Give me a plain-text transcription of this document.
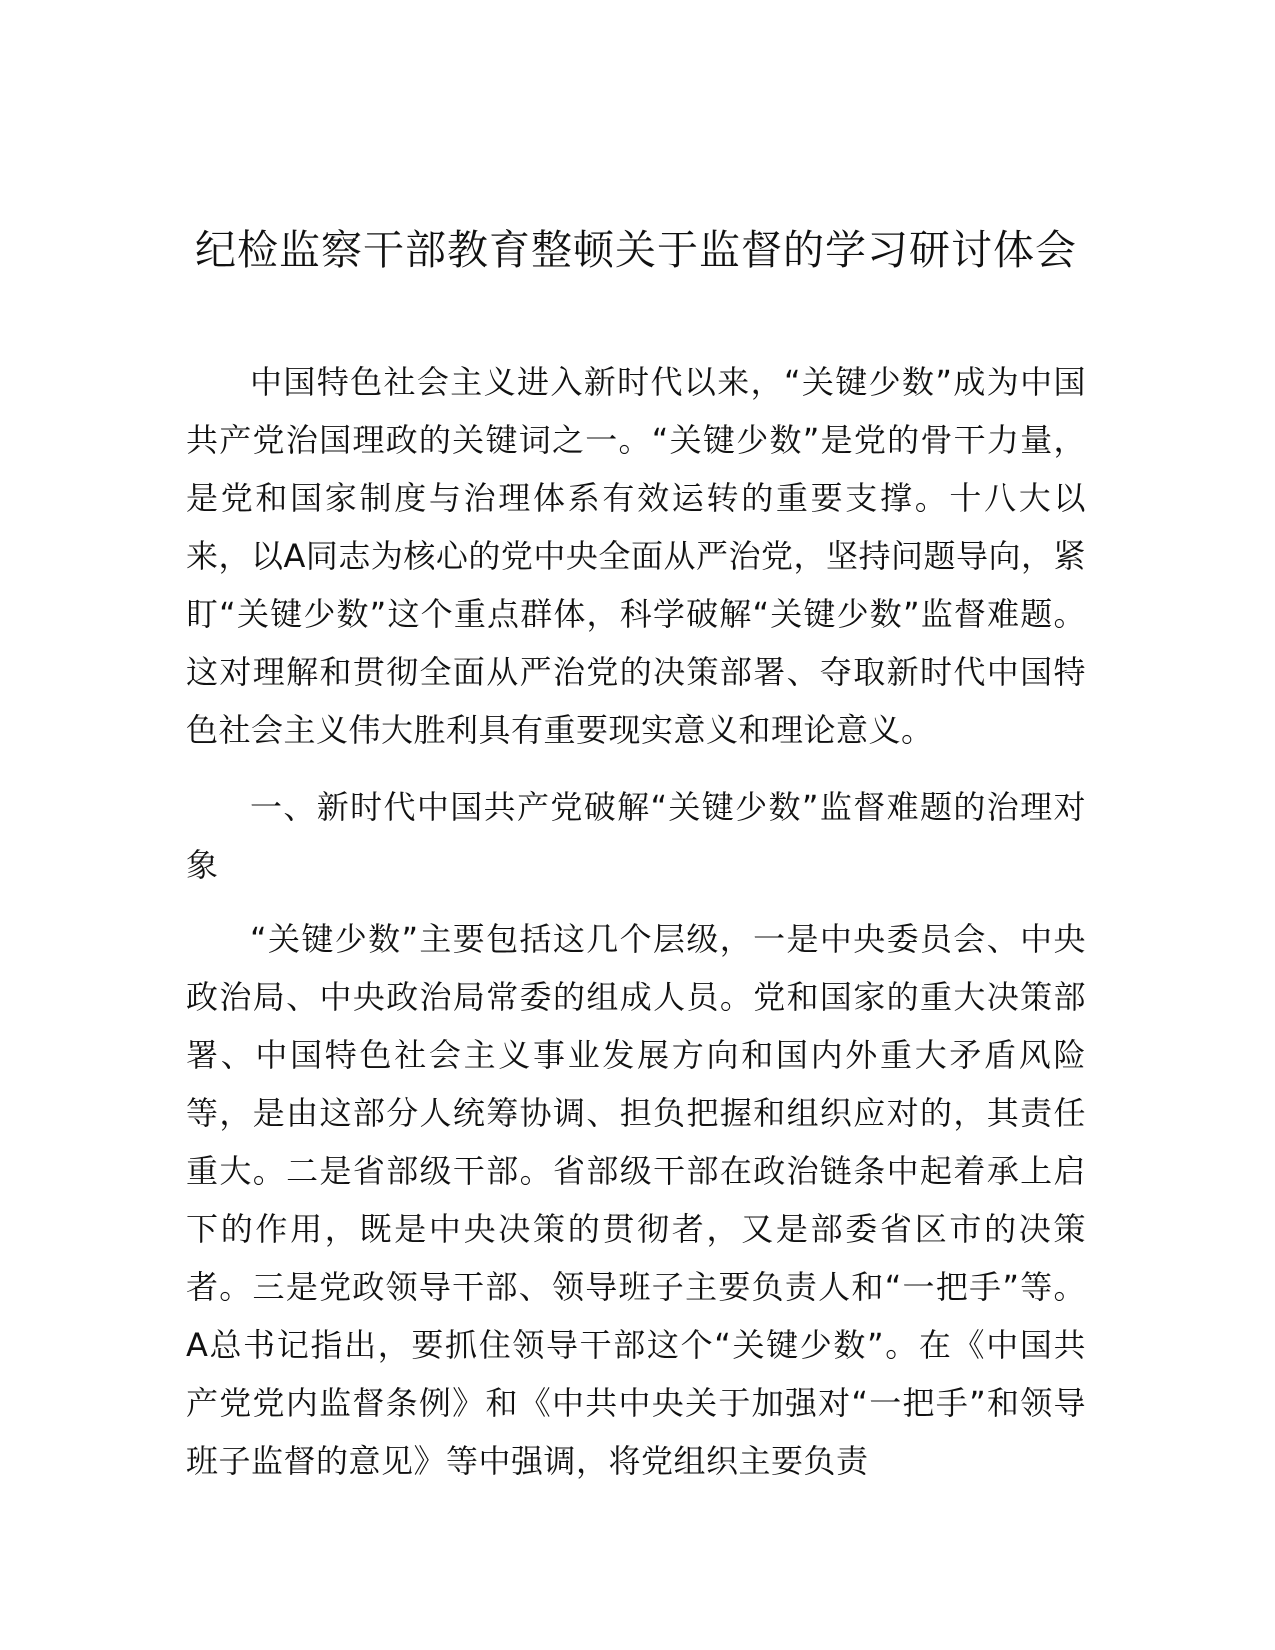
纪检监察干部教育整顿关于监督的学习研讨体会

中国特色社会主义进入新时代以来，“关键少数”成为中国共产党治国理政的关键词之一。“关键少数”是党的骨干力量，是党和国家制度与治理体系有效运转的重要支撑。十八大以来，以A同志为核心的党中央全面从严治党，坚持问题导向，紧盯“关键少数”这个重点群体，科学破解“关键少数”监督难题。这对理解和贯彻全面从严治党的决策部署、夺取新时代中国特色社会主义伟大胜利具有重要现实意义和理论意义。

一、新时代中国共产党破解“关键少数”监督难题的治理对象

“关键少数”主要包括这几个层级，一是中央委员会、中央政治局、中央政治局常委的组成人员。党和国家的重大决策部署、中国特色社会主义事业发展方向和国内外重大矛盾风险等，是由这部分人统筹协调、担负把握和组织应对的，其责任重大。二是省部级干部。省部级干部在政治链条中起着承上启下的作用，既是中央决策的贯彻者，又是部委省区市的决策者。三是党政领导干部、领导班子主要负责人和“一把手”等。A总书记指出，要抓住领导干部这个“关键少数”。在《中国共产党党内监督条例》和《中共中央关于加强对“一把手”和领导班子监督的意见》等中强调，将党组织主要负责
